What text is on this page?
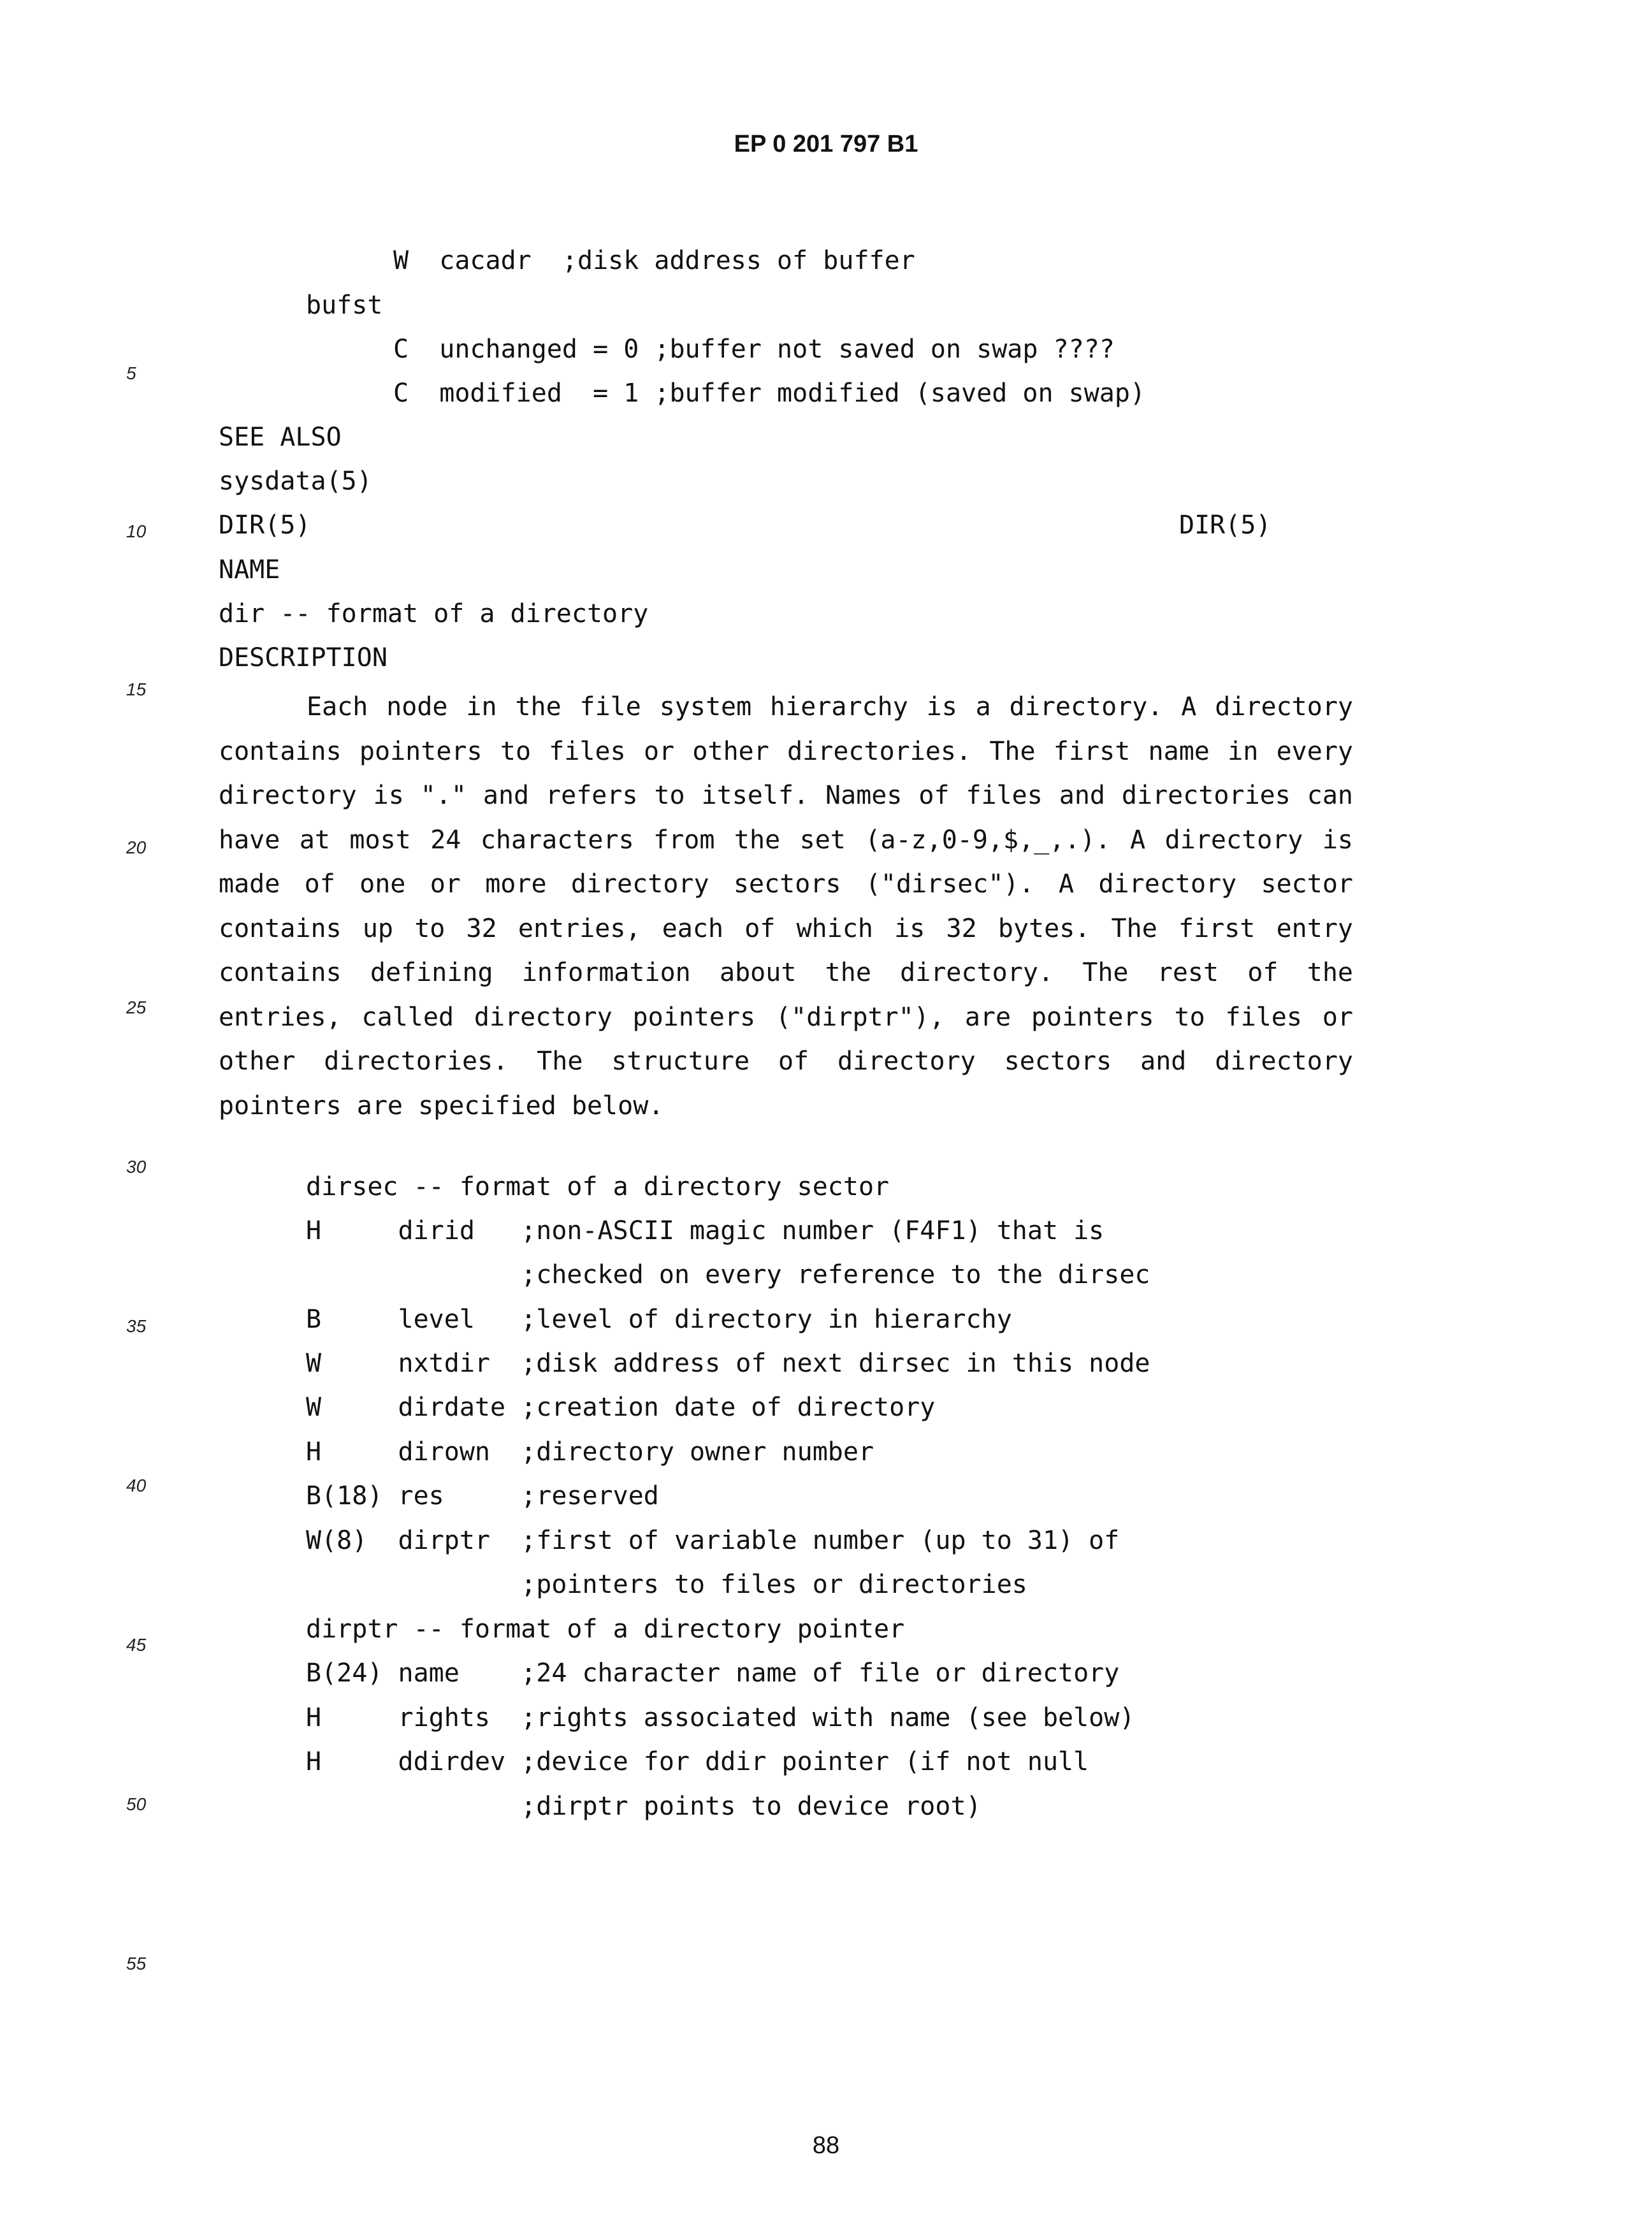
EP 0 201 797 B1
5
10
15
20
25
30
35
40
45
50
55
W  cacadr  ;disk address of buffer
bufst
C  unchanged = 0 ;buffer not saved on swap ????
C  modified  = 1 ;buffer modified (saved on swap)
SEE ALSO
sysdata(5)
DIR(5)	DIR(5)
NAME
dir -- format of a directory
DESCRIPTION

Each node in the file system hierarchy is a directory. A directory contains pointers to files or other directories. The first name in every directory is "." and refers to itself. Names of files and directories can have at most 24 characters from the set (a-z,0-9,$,_,.). A directory is made of one or more directory sectors ("dirsec"). A directory sector contains up to 32 entries, each of which is 32 bytes. The first entry contains defining information about the directory. The rest of the entries, called directory pointers ("dirptr"), are pointers to files or other directories. The structure of directory sectors and directory pointers are specified below.

dirsec -- format of a directory sector
H     dirid   ;non-ASCII magic number (F4F1) that is
;checked on every reference to the dirsec
B     level   ;level of directory in hierarchy
W     nxtdir  ;disk address of next dirsec in this node
W     dirdate ;creation date of directory
H     dirown  ;directory owner number
B(18) res     ;reserved
W(8)  dirptr  ;first of variable number (up to 31) of
;pointers to files or directories
dirptr -- format of a directory pointer
B(24) name    ;24 character name of file or directory
H     rights  ;rights associated with name (see below)
H     ddirdev ;device for ddir pointer (if not null
;dirptr points to device root)
88
